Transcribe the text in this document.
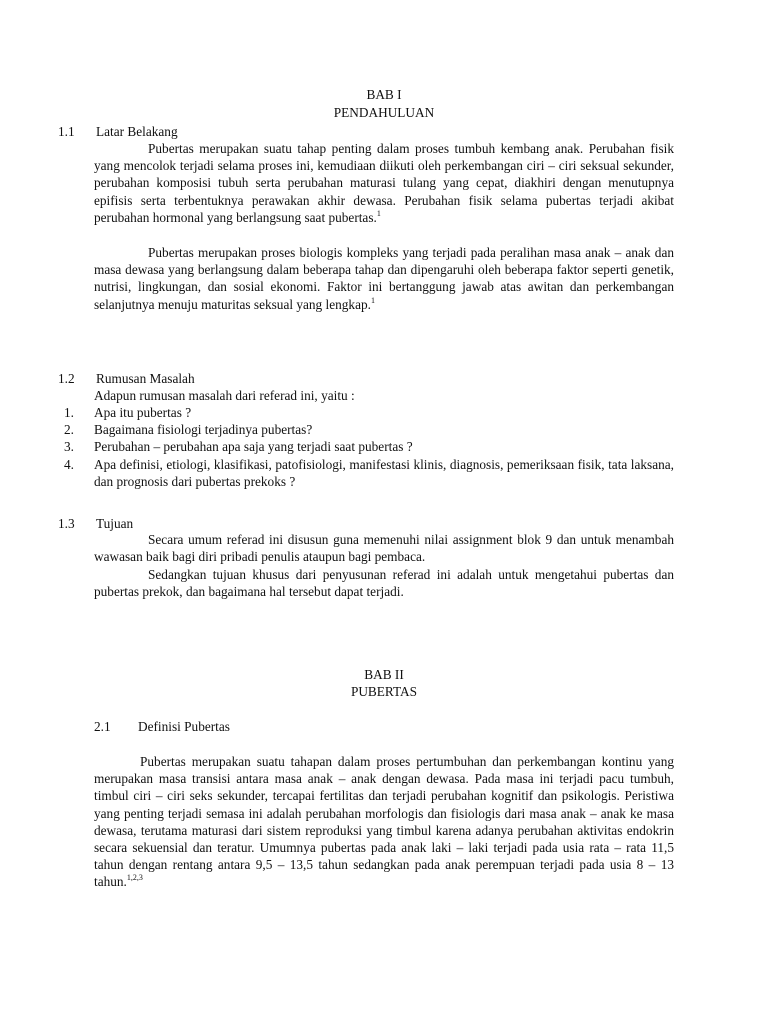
BAB I
PENDAHULUAN
1.1 Latar Belakang
Pubertas merupakan suatu tahap penting dalam proses tumbuh kembang anak. Perubahan fisik yang mencolok terjadi selama proses ini, kemudiaan diikuti oleh perkembangan ciri – ciri seksual sekunder, perubahan komposisi tubuh serta perubahan maturasi tulang yang cepat, diakhiri dengan menutupnya epifisis serta terbentuknya perawakan akhir dewasa. Perubahan fisik selama pubertas terjadi akibat perubahan hormonal yang berlangsung saat pubertas.$^1$
Pubertas merupakan proses biologis kompleks yang terjadi pada peralihan masa anak – anak dan masa dewasa yang berlangsung dalam beberapa tahap dan dipengaruhi oleh beberapa faktor seperti genetik, nutrisi, lingkungan, dan sosial ekonomi. Faktor ini bertanggung jawab atas awitan dan perkembangan selanjutnya menuju maturitas seksual yang lengkap.$^1$
1.2 Rumusan Masalah
Adapun rumusan masalah dari referad ini, yaitu :
1. Apa itu pubertas ?
2. Bagaimana fisiologi terjadinya pubertas?
3. Perubahan – perubahan apa saja yang terjadi saat pubertas ?
4. Apa definisi, etiologi, klasifikasi, patofisiologi, manifestasi klinis, diagnosis, pemeriksaan fisik, tata laksana, dan prognosis dari pubertas prekoks ?
1.3 Tujuan
Secara umum referad ini disusun guna memenuhi nilai assignment blok 9 dan untuk menambah wawasan baik bagi diri pribadi penulis ataupun bagi pembaca.
Sedangkan tujuan khusus dari penyusunan referad ini adalah untuk mengetahui pubertas dan pubertas prekok, dan bagaimana hal tersebut dapat terjadi.
BAB II
PUBERTAS
2.1 Definisi Pubertas
Pubertas merupakan suatu tahapan dalam proses pertumbuhan dan perkembangan kontinu yang merupakan masa transisi antara masa anak – anak dengan dewasa. Pada masa ini terjadi pacu tumbuh, timbul ciri – ciri seks sekunder, tercapai fertilitas dan terjadi perubahan kognitif dan psikologis. Peristiwa yang penting terjadi semasa ini adalah perubahan morfologis dan fisiologis dari masa anak – anak ke masa dewasa, terutama maturasi dari sistem reproduksi yang timbul karena adanya perubahan aktivitas endokrin secara sekuensial dan teratur. Umumnya pubertas pada anak laki – laki terjadi pada usia rata – rata 11,5 tahun dengan rentang antara 9,5 – 13,5 tahun sedangkan pada anak perempuan terjadi pada usia 8 – 13 tahun.$^{1,2,3}$
